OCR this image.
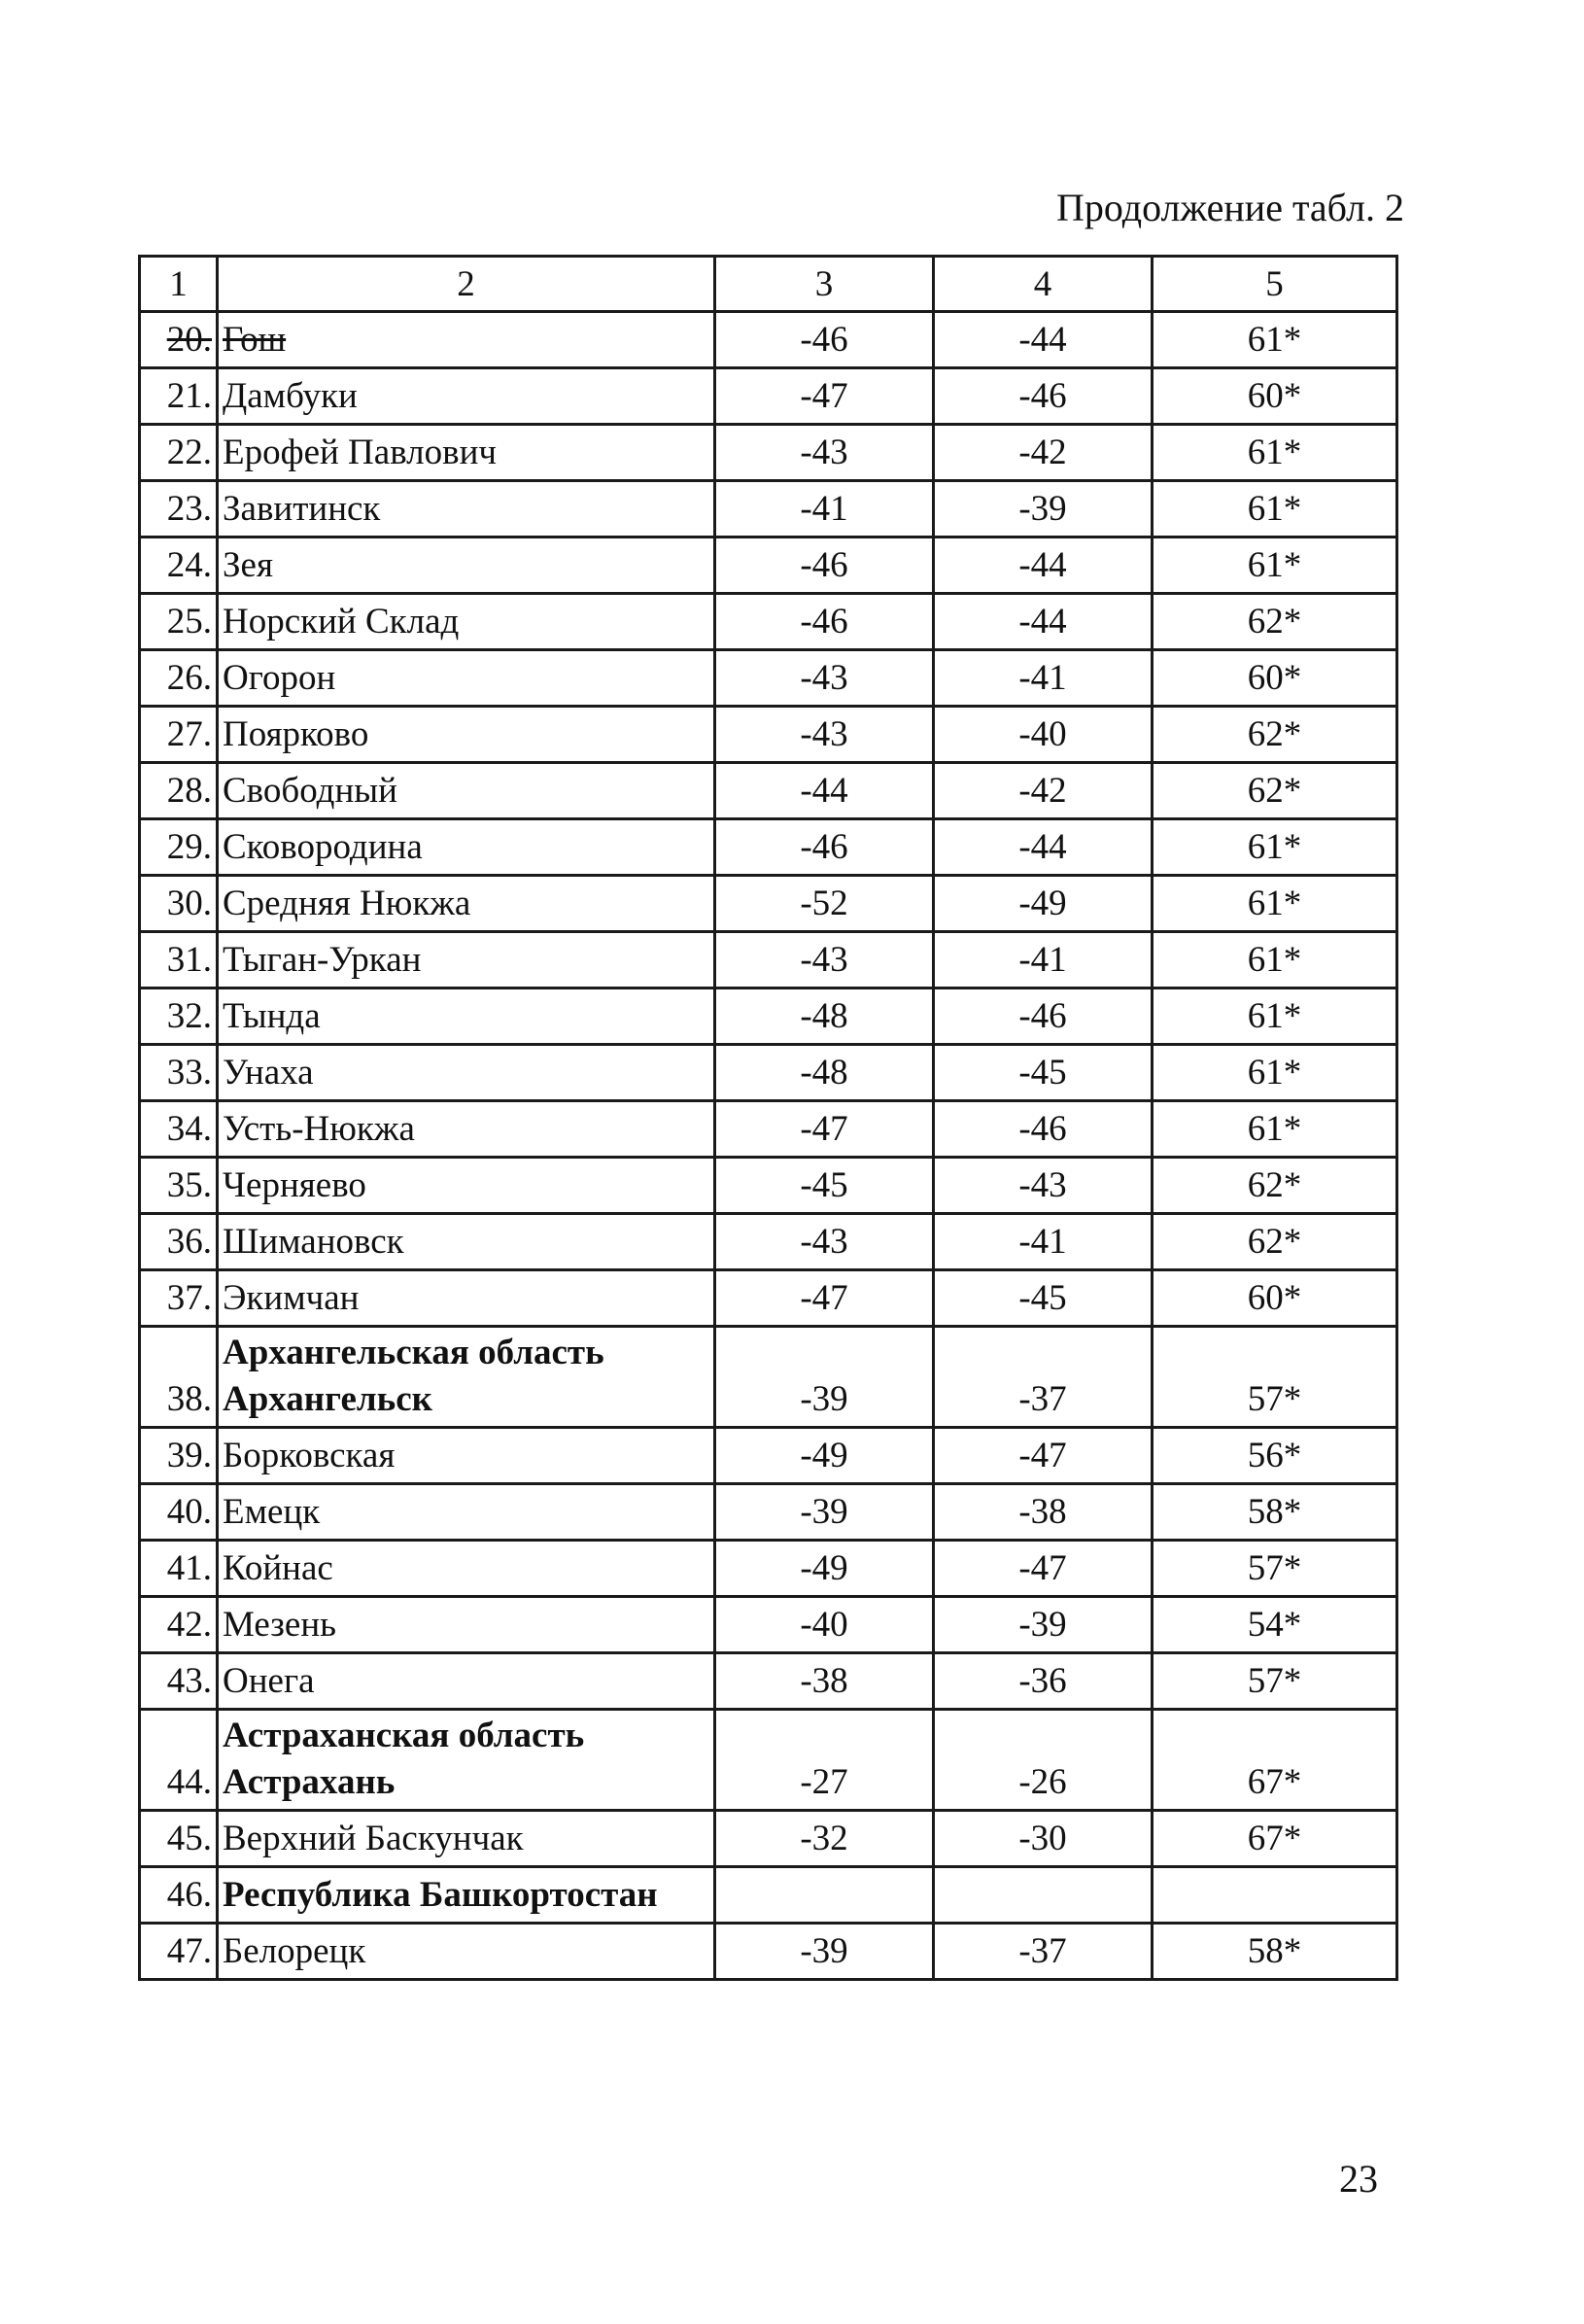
Продолжение табл. 2
1	2	3	4	5
20.	Гош	-46	-44	61*
21.	Дамбуки	-47	-46	60*
22.	Ерофей Павлович	-43	-42	61*
23.	Завитинск	-41	-39	61*
24.	Зея	-46	-44	61*
25.	Норский Склад	-46	-44	62*
26.	Огорон	-43	-41	60*
27.	Поярково	-43	-40	62*
28.	Свободный	-44	-42	62*
29.	Сковородина	-46	-44	61*
30.	Средняя Нюкжа	-52	-49	61*
31.	Тыган-Уркан	-43	-41	61*
32.	Тында	-48	-46	61*
33.	Унаха	-48	-45	61*
34.	Усть-Нюкжа	-47	-46	61*
35.	Черняево	-45	-43	62*
36.	Шимановск	-43	-41	62*
37.	Экимчан	-47	-45	60*
38.	Архангельская область
Архангельск	-39	-37	57*
39.	Борковская	-49	-47	56*
40.	Емецк	-39	-38	58*
41.	Койнас	-49	-47	57*
42.	Мезень	-40	-39	54*
43.	Онега	-38	-36	57*
44.	Астраханская область
Астрахань	-27	-26	67*
45.	Верхний Баскунчак	-32	-30	67*
46.	Республика Башкортостан			
47.	Белорецк	-39	-37	58*
23
